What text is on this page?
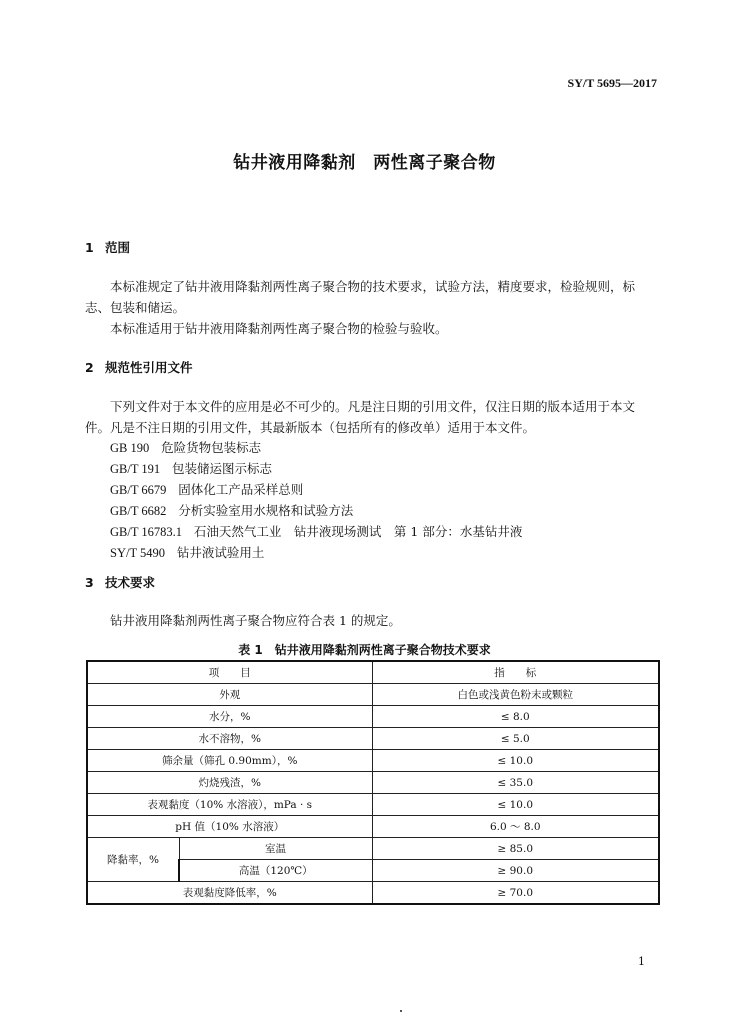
SY/T 5695—2017
钻井液用降黏剂　两性离子聚合物
1 范围
本标准规定了钻井液用降黏剂两性离子聚合物的技术要求，试验方法，精度要求，检验规则，标
志、包装和储运。
本标准适用于钻井液用降黏剂两性离子聚合物的检验与验收。
2 规范性引用文件
下列文件对于本文件的应用是必不可少的。凡是注日期的引用文件，仅注日期的版本适用于本文
件。凡是不注日期的引用文件，其最新版本（包括所有的修改单）适用于本文件。
GB 190 危险货物包装标志
GB/T 191 包装储运图示标志
GB/T 6679 固体化工产品采样总则
GB/T 6682 分析实验室用水规格和试验方法
GB/T 16783.1 石油天然气工业　钻井液现场测试　第 1 部分：水基钻井液
SY/T 5490 钻井液试验用土
3 技术要求
钻井液用降黏剂两性离子聚合物应符合表 1 的规定。
表 1　钻井液用降黏剂两性离子聚合物技术要求
项　　目		指　　标
外观		白色或浅黄色粉末或颗粒
水分，%		≤ 8.0
水不溶物，%		≤ 5.0
筛余量（筛孔 0.90mm），%		≤ 10.0
灼烧残渣，%		≤ 35.0
表观黏度（10% 水溶液），mPa · s		≤ 10.0
pH 值（10% 水溶液）		6.0 ～ 8.0
降黏率，%	室温	≥ 85.0
	高温（120℃）	≥ 90.0
表观黏度降低率，%		≥ 70.0
1
